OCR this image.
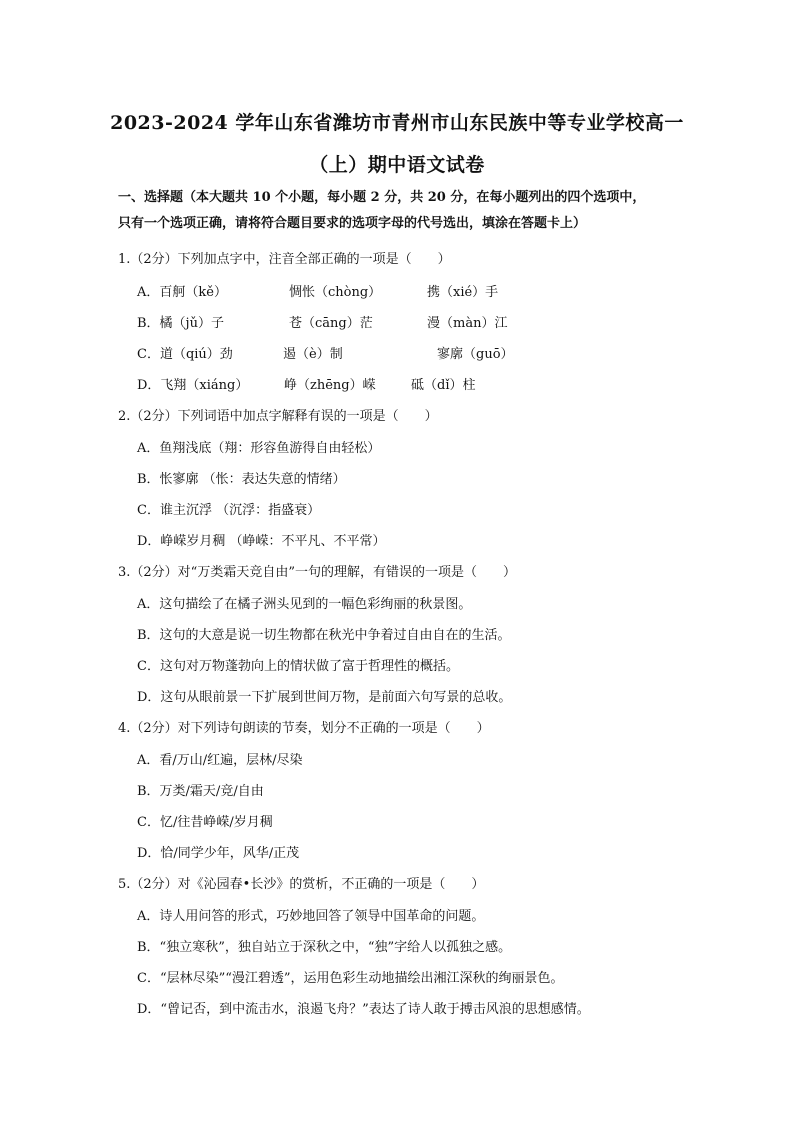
2023-2024 学年山东省潍坊市青州市山东民族中等专业学校高一
（上）期中语文试卷
一、选择题（本大题共 10 个小题，每小题 2 分，共 20 分，在每小题列出的四个选项中，
只有一个选项正确，请将符合题目要求的选项字母的代号选出，填涂在答题卡上）
1.（2分）下列加点字中，注音全部正确的一项是（　　）
A．百舸（kě）	惆怅（chòng）	携（xié）手
B．橘（jǔ）子	苍（cāng）茫	漫（màn）江
C．道（qiú）劲	遏（è）制	寥廓（guō）
D．飞翔（xiáng）	峥（zhēng）嵘	砥（dǐ）柱
2.（2分）下列词语中加点字解释有误的一项是（　　）
A．鱼翔浅底（翔：形容鱼游得自由轻松）
B．怅寥廓 （怅：表达失意的情绪）
C．谁主沉浮 （沉浮：指盛衰）
D．峥嵘岁月稠 （峥嵘：不平凡、不平常）
3.（2分）对“万类霜天竞自由”一句的理解，有错误的一项是（　　）
A．这句描绘了在橘子洲头见到的一幅色彩绚丽的秋景图。
B．这句的大意是说一切生物都在秋光中争着过自由自在的生活。
C．这句对万物蓬勃向上的情状做了富于哲理性的概括。
D．这句从眼前景一下扩展到世间万物，是前面六句写景的总收。
4.（2分）对下列诗句朗读的节奏，划分不正确的一项是（　　）
A．看/万山/红遍，层林/尽染
B．万类/霜天/竞/自由
C．忆/往昔峥嵘/岁月稠
D．恰/同学少年，风华/正茂
5.（2分）对《沁园春•长沙》的赏析，不正确的一项是（　　）
A．诗人用问答的形式，巧妙地回答了领导中国革命的问题。
B．“独立寒秋”，独自站立于深秋之中，“独”字给人以孤独之感。
C．“层林尽染”“漫江碧透”，运用色彩生动地描绘出湘江深秋的绚丽景色。
D．“曾记否，到中流击水，浪遏飞舟？”表达了诗人敢于搏击风浪的思想感情。
